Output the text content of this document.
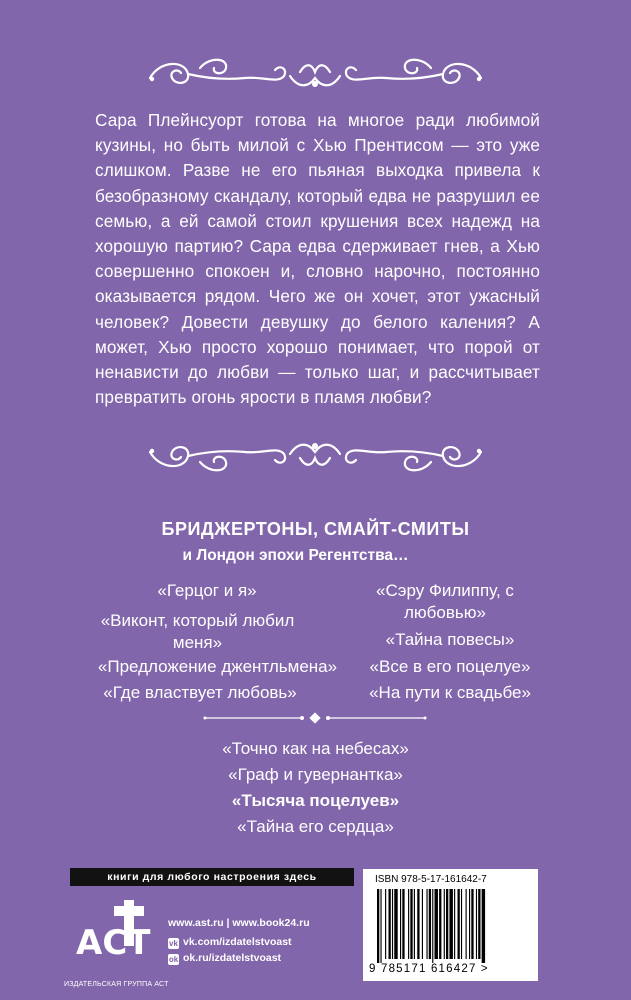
Сара Плейнсуорт готова на многое ради любимой кузины, но быть милой с Хью Прентисом — это уже слишком. Разве не его пьяная выходка привела к безобразному скандалу, который едва не разрушил ее семью, а ей самой стоил крушения всех надежд на хорошую партию? Сара едва сдерживает гнев, а Хью совершенно спокоен и, словно нарочно, постоянно оказывается рядом. Чего же он хочет, этот ужасный человек? Довести девушку до белого каления? А может, Хью просто хорошо понимает, что порой от ненависти до любви — только шаг, и рассчитывает превратить огонь ярости в пламя любви?

БРИДЖЕРТОНЫ, СМАЙТ-СМИТЫ
и Лондон эпохи Регентства…
«Герцог и я»
«Виконт, который любил меня»
«Предложение джентльмена»
«Где властвует любовь»
«Сэру Филиппу, с любовью»
«Тайна повесы»
«Все в его поцелуе»
«На пути к свадьбе»
«Точно как на небесах»
«Граф и гувернантка»
«Тысяча поцелуев»
«Тайна его сердца»
книги для любого настроения здесь
ACT
ИЗДАТЕЛЬСКАЯ ГРУППА АСТ
www.ast.ru | www.book24.ru
vk vk.com/izdatelstvoast
ok ok.ru/izdatelstvoast
ISBN 978-5-17-161642-7
9 785171 616427 >
